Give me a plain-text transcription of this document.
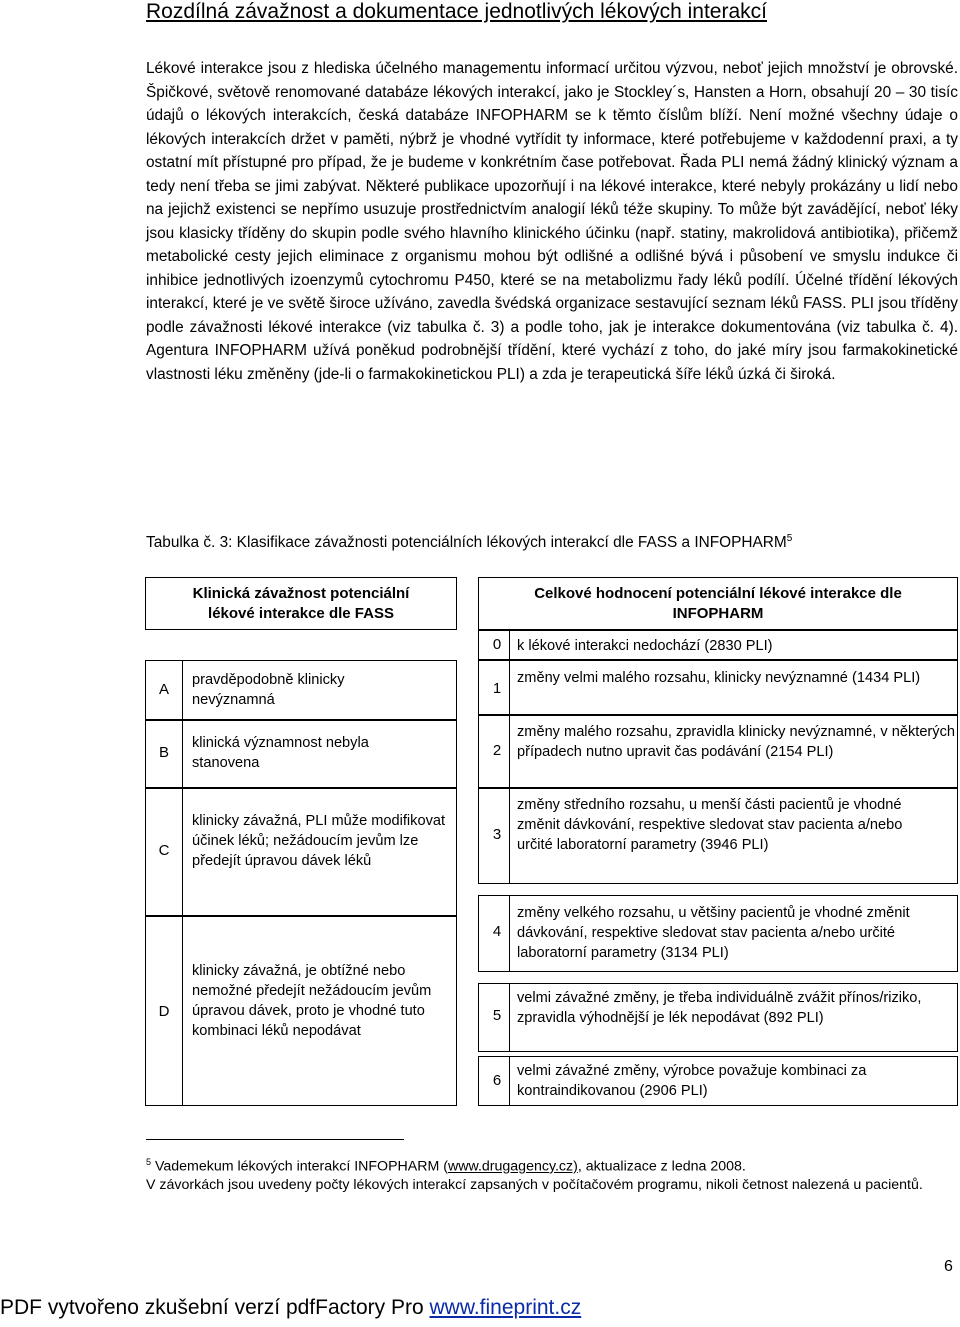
Rozdílná závažnost a dokumentace jednotlivých lékových interakcí

Lékové interakce jsou z hlediska účelného managementu informací určitou výzvou, neboť jejich množství je obrovské. Špičkové, světově renomované databáze lékových interakcí, jako je Stockley´s, Hansten a Horn, obsahují 20 – 30 tisíc údajů o lékových interakcích, česká databáze INFOPHARM se k těmto číslům blíží. Není možné všechny údaje o lékových interakcích držet v paměti, nýbrž je vhodné vytřídit ty informace, které potřebujeme v každodenní praxi, a ty ostatní mít přístupné pro případ, že je budeme v konkrétním čase potřebovat. Řada PLI nemá žádný klinický význam a tedy není třeba se jimi zabývat. Některé publikace upozorňují i na lékové interakce, které nebyly prokázány u lidí nebo na jejichž existenci se nepřímo usuzuje prostřednictvím analogií léků téže skupiny. To může být zavádějící, neboť léky jsou klasicky tříděny do skupin podle svého hlavního klinického účinku (např. statiny, makrolidová antibiotika), přičemž metabolické cesty jejich eliminace z organismu mohou být odlišné a odlišné bývá i působení ve smyslu indukce či inhibice jednotlivých izoenzymů cytochromu P450, které se na metabolizmu řady léků podílí. Účelné třídění lékových interakcí, které je ve světě široce užíváno, zavedla švédská organizace sestavující seznam léků FASS. PLI jsou tříděny podle závažnosti lékové interakce (viz tabulka č. 3) a podle toho, jak je interakce dokumentována (viz tabulka č. 4). Agentura INFOPHARM užívá poněkud podrobnější třídění, které vychází z toho, do jaké míry jsou farmakokinetické vlastnosti léku změněny (jde-li o farmakokinetickou PLI) a zda je terapeutická šíře léků úzká či široká.

Tabulka č. 3: Klasifikace závažnosti potenciálních lékových interakcí dle FASS a INFOPHARM$^5$
Klinická závažnost potenciální lékové interakce dle FASS
A
pravděpodobně klinicky nevýznamná
B
klinická významnost nebyla stanovena
C
klinicky závažná, PLI může modifikovat účinek léků; nežádoucím jevům lze předejít úpravou dávek léků
D
klinicky závažná, je obtížné nebo nemožné předejít nežádoucím jevům úpravou dávek, proto je vhodné tuto kombinaci léků nepodávat
Celkové hodnocení potenciální lékové interakce dle INFOPHARM
0	k lékové interakci nedochází (2830 PLI)
1
změny velmi malého rozsahu, klinicky nevýznamné (1434 PLI)
2
změny malého rozsahu, zpravidla klinicky nevýznamné, v některých případech nutno upravit čas podávání (2154 PLI)
3
změny středního rozsahu, u menší části pacientů je vhodné změnit dávkování, respektive sledovat stav pacienta a/nebo určité laboratorní parametry (3946 PLI)
4
změny velkého rozsahu, u většiny pacientů je vhodné změnit dávkování, respektive sledovat stav pacienta a/nebo určité laboratorní parametry (3134 PLI)
5
velmi závažné změny, je třeba individuálně zvážit přínos/riziko, zpravidla výhodnější je lék nepodávat (892 PLI)
6
velmi závažné změny, výrobce považuje kombinaci za kontraindikovanou (2906 PLI)
$^5$ Vademekum lékových interakcí INFOPHARM (www.drugagency.cz), aktualizace z ledna 2008.
V závorkách jsou uvedeny počty lékových interakcí zapsaných v počítačovém programu, nikoli četnost nalezená u pacientů.
6
PDF vytvořeno zkušební verzí pdfFactory Pro www.fineprint.cz
